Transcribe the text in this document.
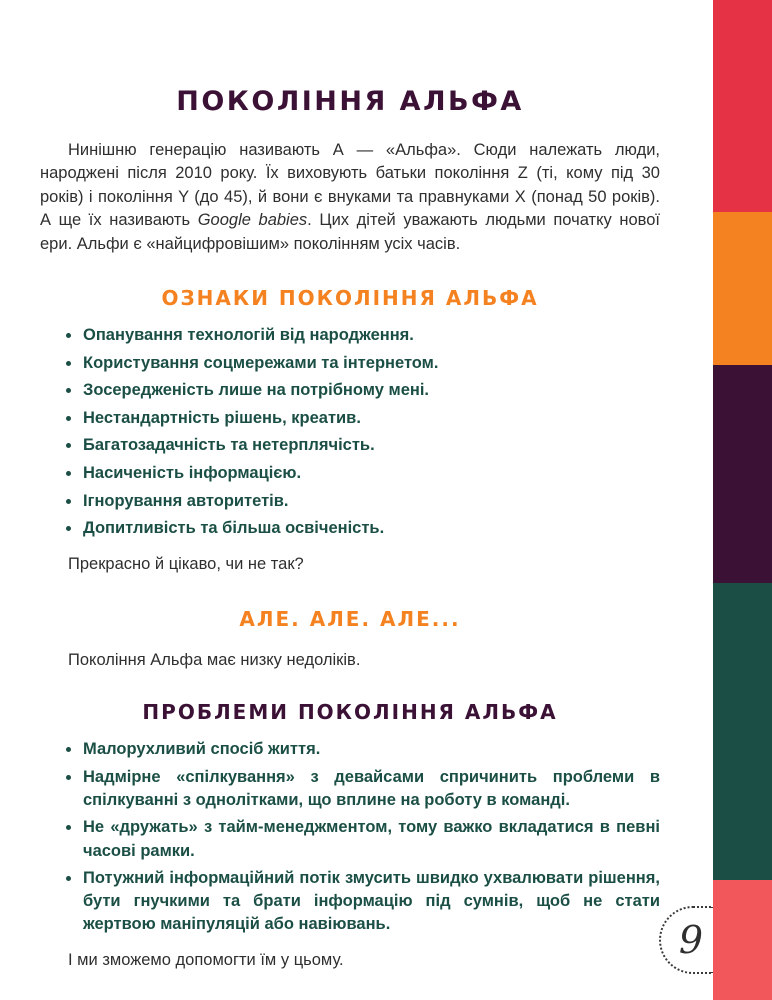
ПОКОЛІННЯ АЛЬФА

Нинішню генерацію називають А — «Альфа». Сюди належать люди, народжені після 2010 року. Їх виховують батьки покоління Z (ті, кому під 30 років) і покоління Y (до 45), й вони є внуками та правнуками X (понад 50 років). А ще їх називають Google babies. Цих дітей уважають людьми початку нової ери. Альфи є «найцифровішим» поколінням усіх часів.

ОЗНАКИ ПОКОЛІННЯ АЛЬФА
Опанування технологій від народження.
Користування соцмережами та інтернетом.
Зосередженість лише на потрібному мені.
Нестандартність рішень, креатив.
Багатозадачність та нетерплячість.
Насиченість інформацією.
Ігнорування авторитетів.
Допитливість та більша освіченість.

Прекрасно й цікаво, чи не так?

АЛЕ. АЛЕ. АЛЕ...

Покоління Альфа має низку недоліків.

ПРОБЛЕМИ ПОКОЛІННЯ АЛЬФА
Малорухливий спосіб життя.
Надмірне «спілкування» з девайсами спричинить проблеми в спілкуванні з однолітками, що вплине на роботу в команді.
Не «дружать» з тайм-менеджментом, тому важко вкладатися в певні часові рамки.
Потужний інформаційний потік змусить швидко ухвалювати рішення, бути гнучкими та брати інформацію під сумнів, щоб не стати жертвою маніпуляцій або навіювань.

І ми зможемо допомогти їм у цьому.	9
